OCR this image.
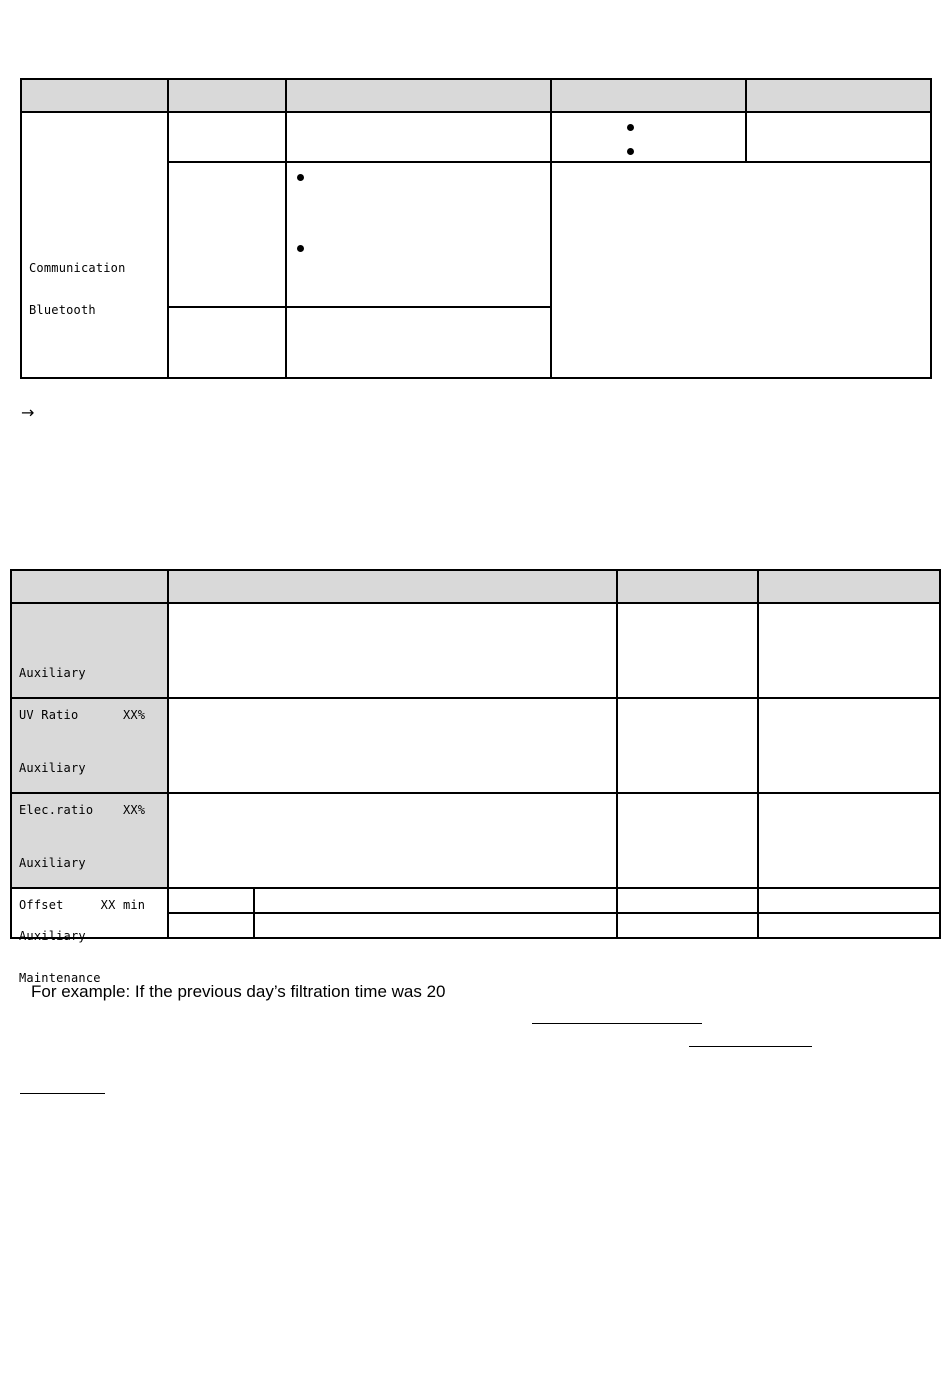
Communication

Bluetooth

→

Auxiliary

UV Ratio      XX%

Auxiliary

Elec.ratio    XX%

Auxiliary

Offset     XX min

Auxiliary

Maintenance

For example: If the previous day’s filtration time was 20
